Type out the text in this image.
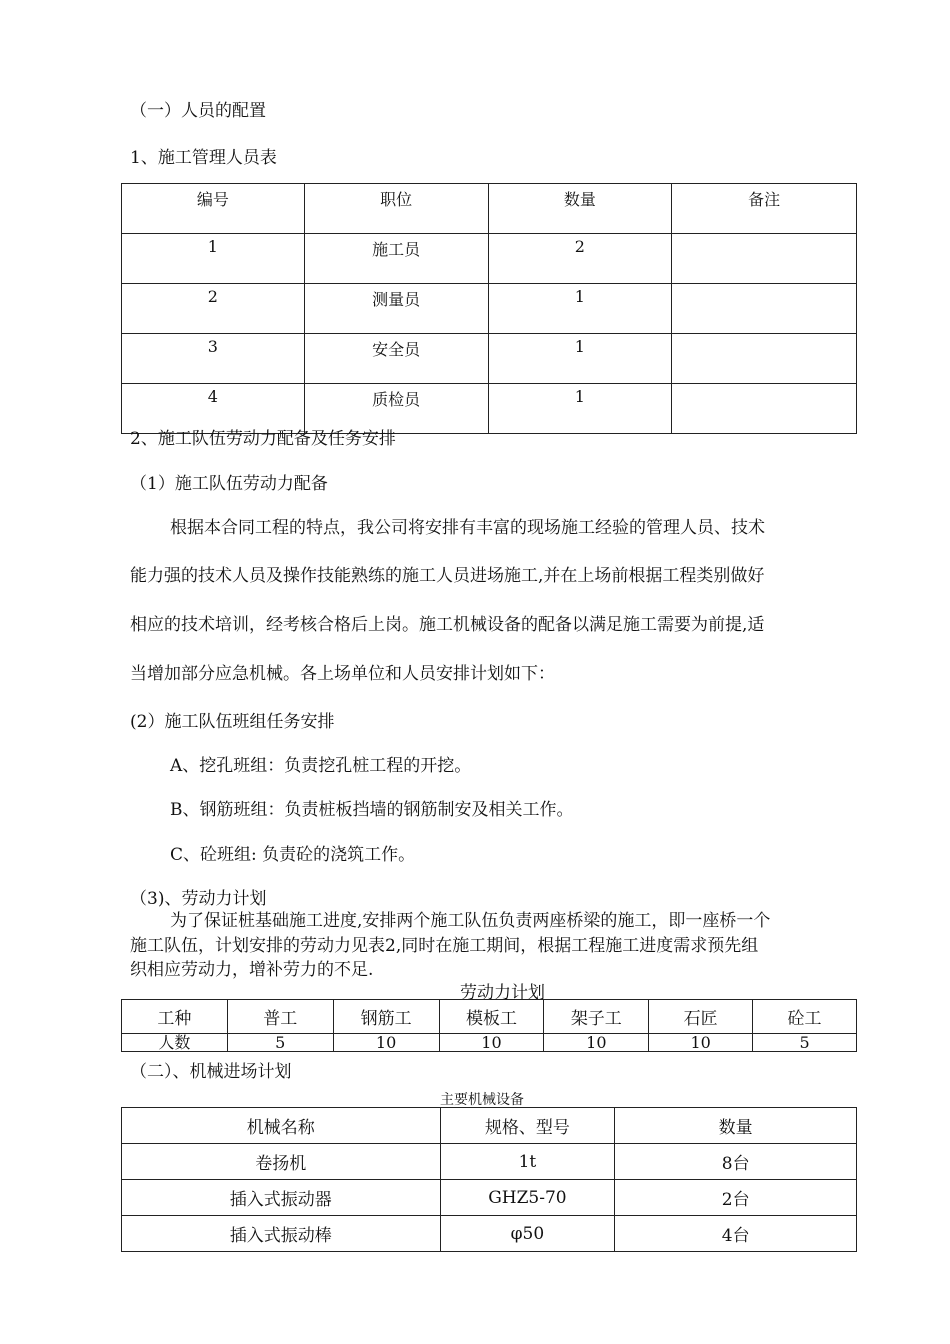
（一）人员的配置
1、施工管理人员表
编号	职位	数量	备注
1	施工员	2	
2	测量员	1	
3	安全员	1	
4	质检员	1	
2、施工队伍劳动力配备及任务安排
（1）施工队伍劳动力配备
根据本合同工程的特点，我公司将安排有丰富的现场施工经验的管理人员、技术
能力强的技术人员及操作技能熟练的施工人员进场施工,并在上场前根据工程类别做好
相应的技术培训，经考核合格后上岗。施工机械设备的配备以满足施工需要为前提,适
当增加部分应急机械。各上场单位和人员安排计划如下：
(2）施工队伍班组任务安排
A、挖孔班组：负责挖孔桩工程的开挖。
B、钢筋班组：负责桩板挡墙的钢筋制安及相关工作。
C、砼班组: 负责砼的浇筑工作。
（3)、劳动力计划
为了保证桩基础施工进度,安排两个施工队伍负责两座桥梁的施工，即一座桥一个
施工队伍，计划安排的劳动力见表2,同时在施工期间，根据工程施工进度需求预先组
织相应劳动力，增补劳力的不足.
劳动力计划
工种	普工	钢筋工	模板工	架子工	石匠	砼工
人数	5	10	10	10	10	5
（二）、机械进场计划
主要机械设备
机械名称	规格、型号	数量
卷扬机	1t	8台
插入式振动器	GHZ5-70	2台
插入式振动棒	φ50	4台
